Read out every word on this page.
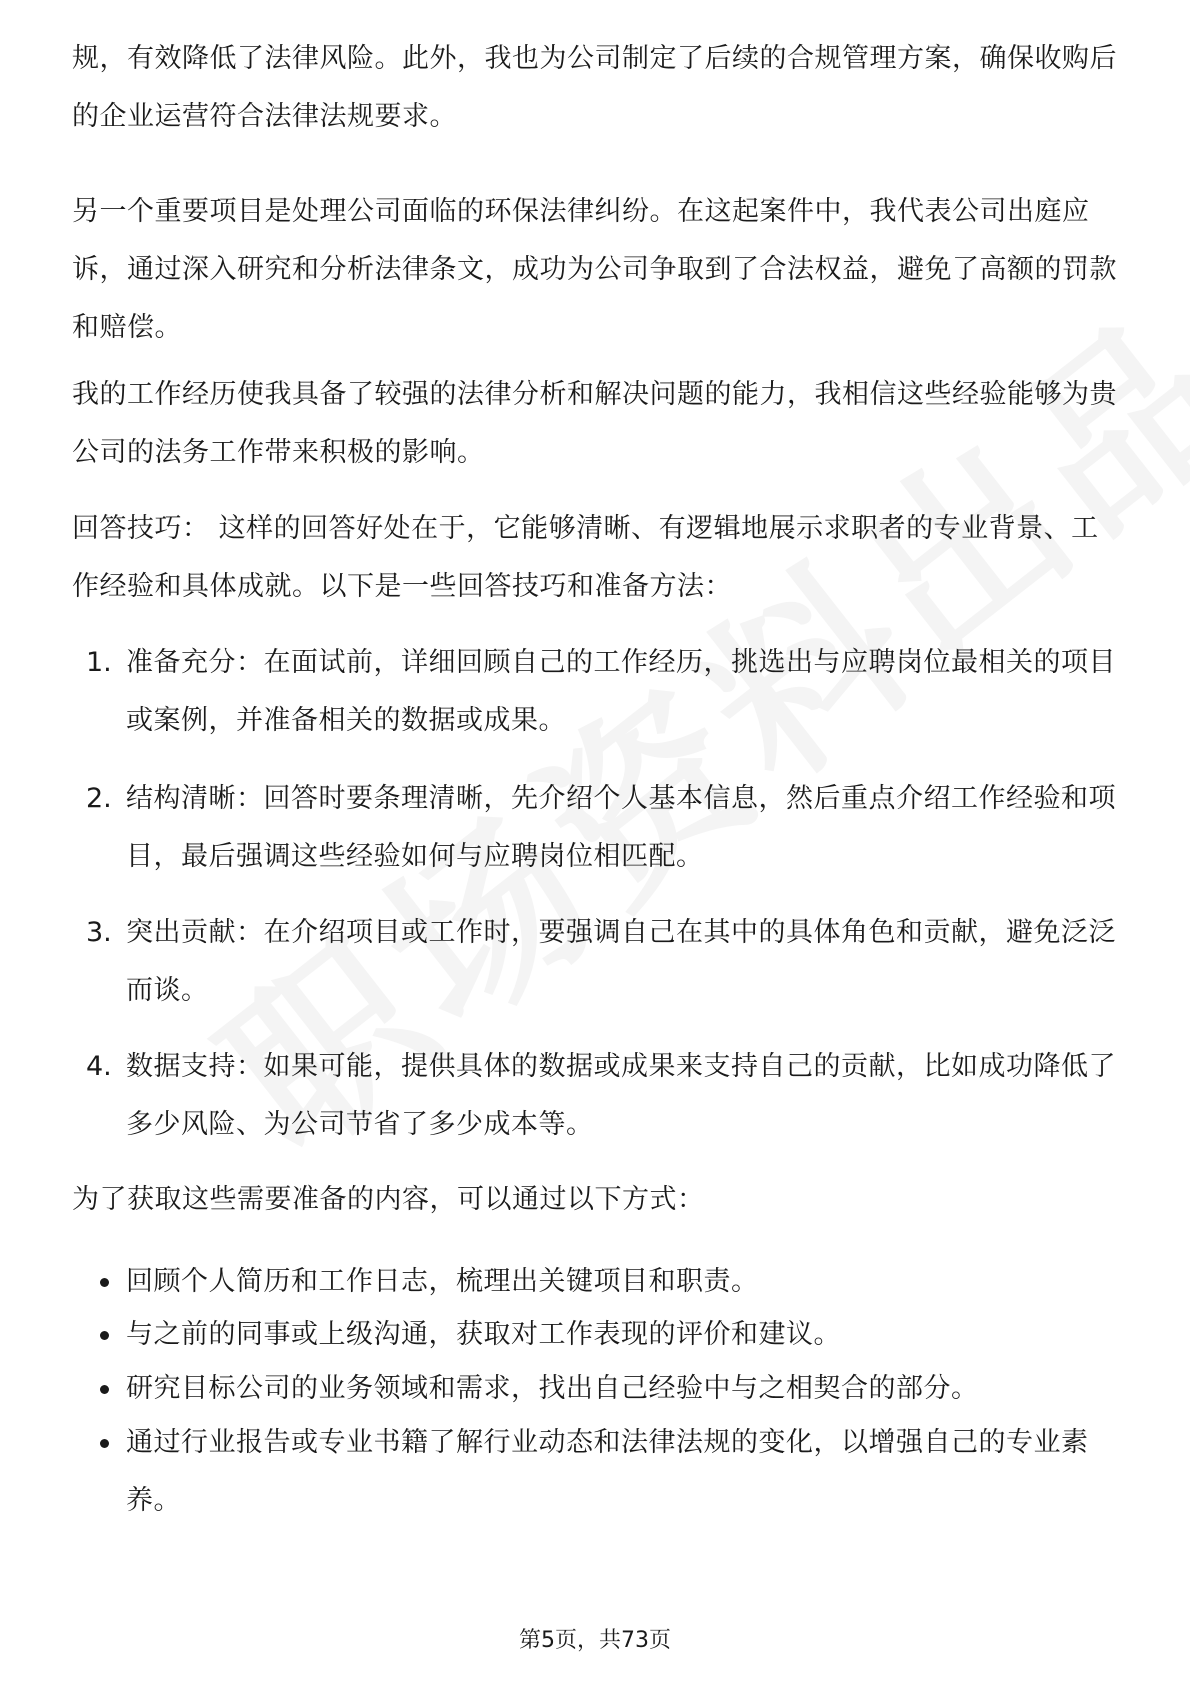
规，有效降低了法律风险。此外，我也为公司制定了后续的合规管理方案，确保收购后的企业运营符合法律法规要求。

另一个重要项目是处理公司面临的环保法律纠纷。在这起案件中，我代表公司出庭应诉，通过深入研究和分析法律条文，成功为公司争取到了合法权益，避免了高额的罚款和赔偿。

我的工作经历使我具备了较强的法律分析和解决问题的能力，我相信这些经验能够为贵公司的法务工作带来积极的影响。

回答技巧： 这样的回答好处在于，它能够清晰、有逻辑地展示求职者的专业背景、工作经验和具体成就。以下是一些回答技巧和准备方法：

1. 准备充分：在面试前，详细回顾自己的工作经历，挑选出与应聘岗位最相关的项目或案例，并准备相关的数据或成果。
2. 结构清晰：回答时要条理清晰，先介绍个人基本信息，然后重点介绍工作经验和项目，最后强调这些经验如何与应聘岗位相匹配。
3. 突出贡献：在介绍项目或工作时，要强调自己在其中的具体角色和贡献，避免泛泛而谈。
4. 数据支持：如果可能，提供具体的数据或成果来支持自己的贡献，比如成功降低了多少风险、为公司节省了多少成本等。

为了获取这些需要准备的内容，可以通过以下方式：

回顾个人简历和工作日志，梳理出关键项目和职责。
与之前的同事或上级沟通，获取对工作表现的评价和建议。
研究目标公司的业务领域和需求，找出自己经验中与之相契合的部分。
通过行业报告或专业书籍了解行业动态和法律法规的变化，以增强自己的专业素养。
第5页，共73页
